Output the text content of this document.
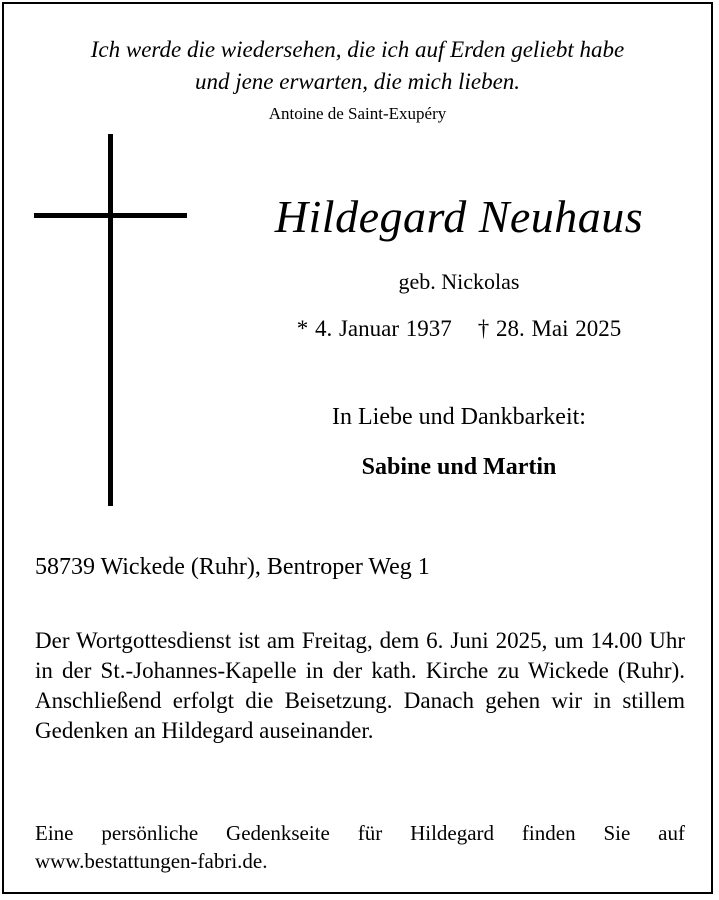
Ich werde die wiedersehen, die ich auf Erden geliebt habe
und jene erwarten, die mich lieben.
Antoine de Saint-Exupéry
Hildegard Neuhaus
geb. Nickolas
* 4. Januar 1937 † 28. Mai 2025
In Liebe und Dankbarkeit:
Sabine und Martin
58739 Wickede (Ruhr), Bentroper Weg 1

Der Wortgottesdienst ist am Freitag, dem 6. Juni 2025, um 14.00 Uhr in der St.-Johannes-Kapelle in der kath. Kirche zu Wickede (Ruhr). Anschließend erfolgt die Beisetzung. Danach gehen wir in stillem Gedenken an Hildegard auseinander.

Eine persönliche Gedenkseite für Hildegard finden Sie auf www.bestattungen-fabri.de.
